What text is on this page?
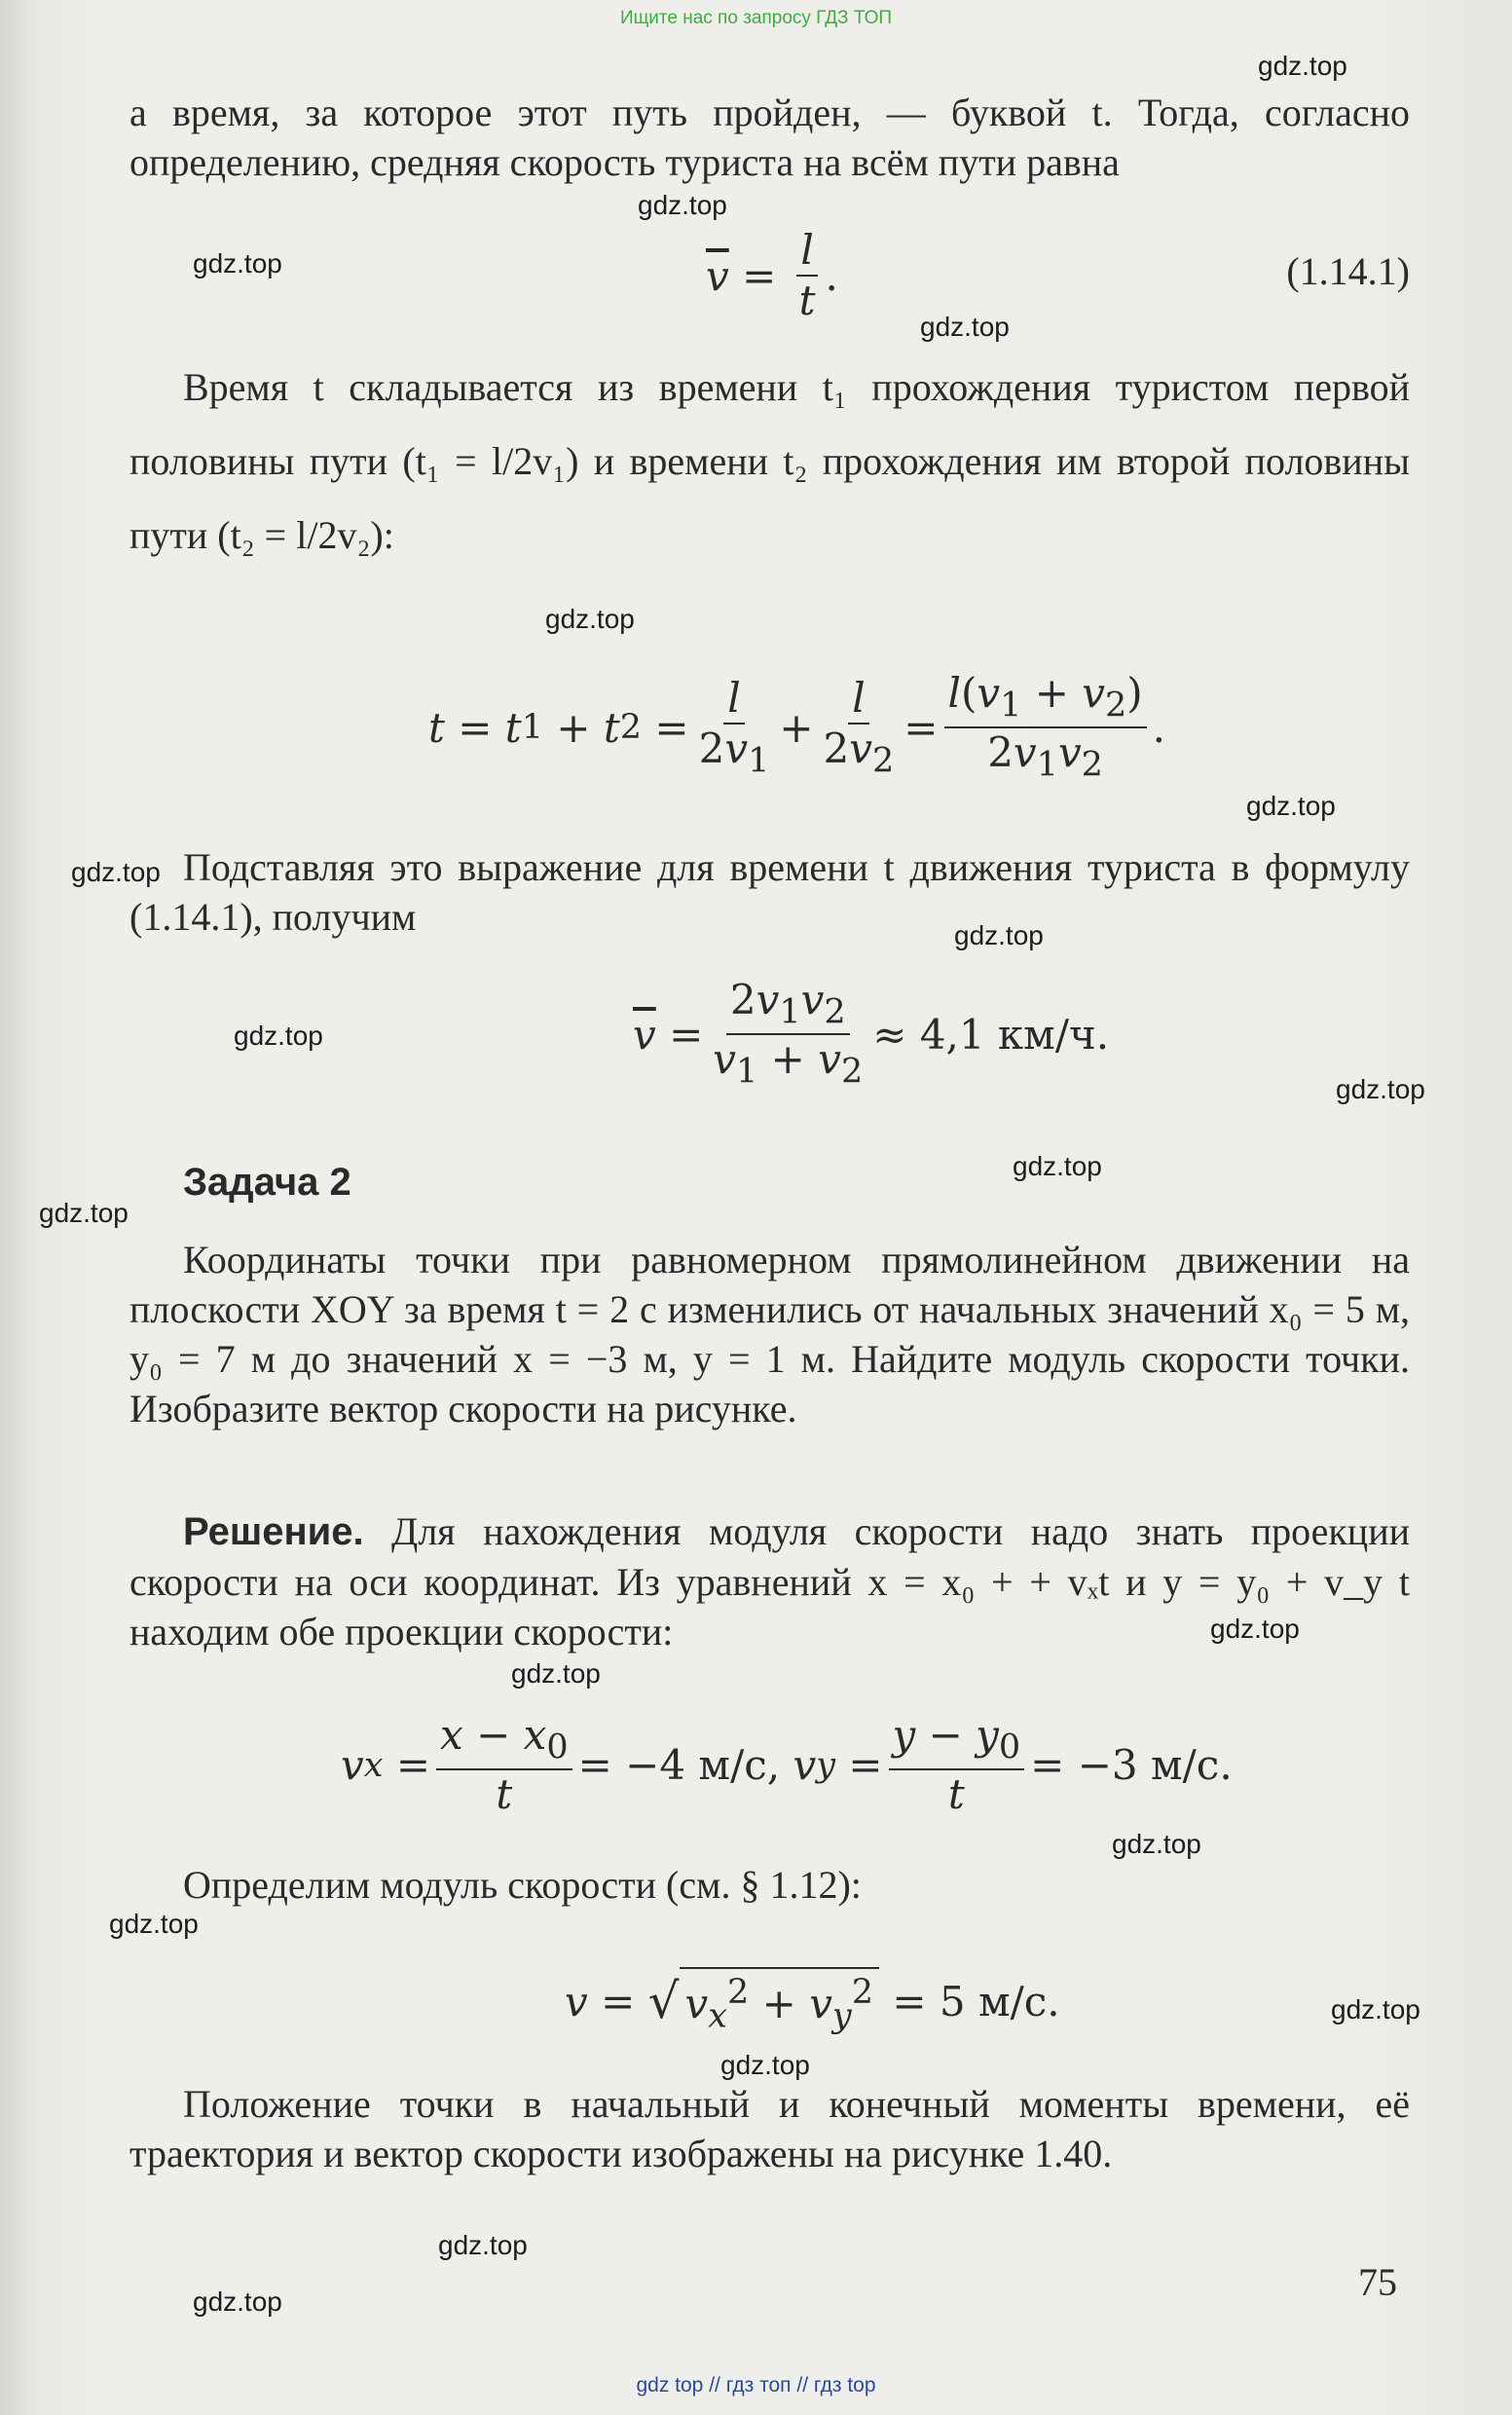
Ищите нас по запросу ГДЗ ТОП
а время, за которое этот путь пройден, — буквой t. Тогда, согласно определению, средняя скорость туриста на всём пути равна
$\overline{v} = \frac{l}{t}$ .	(1.14.1)
Время t складывается из времени t₁ прохождения туристом первой половины пути (t₁ = l/2v₁) и времени t₂ прохождения им второй половины пути (t₂ = l/2v₂):
t = t 1 + t $2 = \frac{l}{2v_1} + \frac{l}{2v_2} = \frac{l(v_1 + v_2)}{2v_1v_2}$ .
Подставляя это выражение для времени t движения туриста в формулу (1.14.1), получим
$\overline{v} = \frac{2v_1v_2}{v_1 + v_2} \approx 4,1$ км/ч.
Задача 2
Координаты точки при равномерном прямолинейном движении на плоскости XOY за время t = 2 с изменились от начальных значений x₀ = 5 м, y₀ = 7 м до значений x = −3 м, y = 1 м. Найдите модуль скорости точки. Изобразите вектор скорости на рисунке.
Решение. Для нахождения модуля скорости надо знать проекции скорости на оси координат. Из уравнений x = x₀ + + vₓt и y = y₀ + v_y t находим обе проекции скорости:
v $x = \frac{x - x_0}{t} = -4$ м/с,
v $y = \frac{y - y_0}{t} = -3$ м/с.
Определим модуль скорости (см. § 1.12):
v = √ $v_x^2 + v_y^2$
= 5 м/с.
Положение точки в начальный и конечный моменты времени, её траектория и вектор скорости изображены на рисунке 1.40.
75
gdz.top
gdz.top
gdz.top
gdz.top
gdz.top
gdz.top
gdz.top
gdz.top
gdz.top
gdz.top
gdz.top
gdz.top
gdz.top
gdz.top
gdz.top
gdz.top
gdz.top
gdz.top
gdz.top
gdz.top
gdz top // гдз топ // гдз top
